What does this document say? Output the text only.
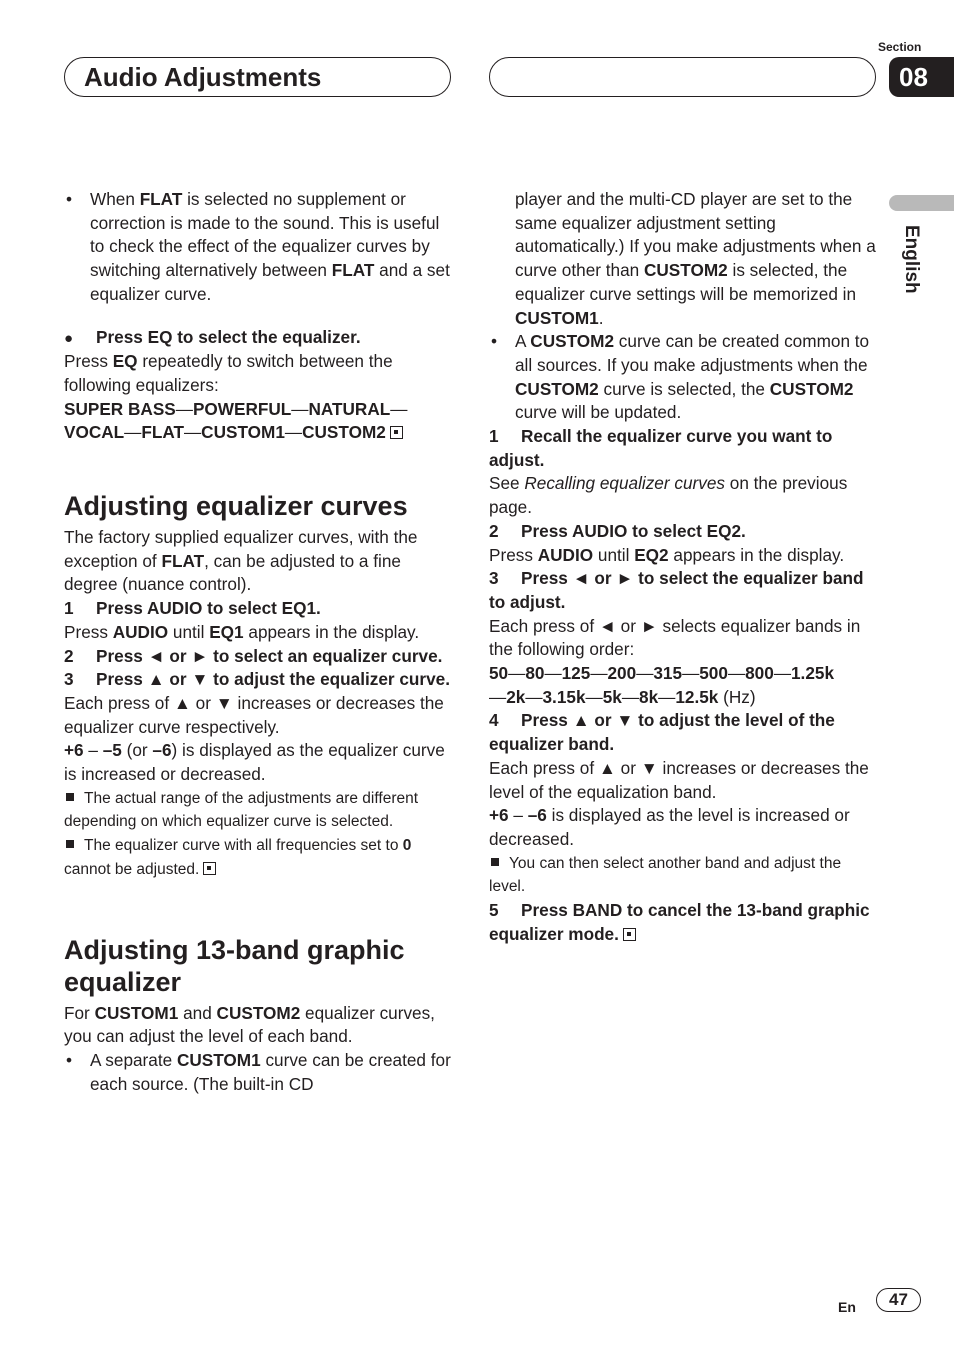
Audio Adjustments
Section
08
English

• When FLAT is selected no supplement or correction is made to the sound. This is useful to check the effect of the equalizer curves by switching alternatively between FLAT and a set equalizer curve.

● Press EQ to select the equalizer.

Press EQ repeatedly to switch between the following equalizers:

SUPER BASS—POWERFUL—NATURAL—
VOCAL—FLAT—CUSTOM1—CUSTOM2

Adjusting equalizer curves

The factory supplied equalizer curves, with the exception of FLAT, can be adjusted to a fine degree (nuance control).

1 Press AUDIO to select EQ1.

Press AUDIO until EQ1 appears in the display.

2 Press ◄ or ► to select an equalizer curve.

3 Press ▲ or ▼ to adjust the equalizer curve.

Each press of ▲ or ▼ increases or decreases the equalizer curve respectively.

+6 – –5 (or –6) is displayed as the equalizer curve is increased or decreased.

The actual range of the adjustments are different depending on which equalizer curve is selected.

The equalizer curve with all frequencies set to 0 cannot be adjusted.

Adjusting 13-band graphic equalizer

For CUSTOM1 and CUSTOM2 equalizer curves, you can adjust the level of each band.

• A separate CUSTOM1 curve can be created for each source. (The built-in CD

player and the multi-CD player are set to the same equalizer adjustment setting automatically.) If you make adjustments when a curve other than CUSTOM2 is selected, the equalizer curve settings will be memorized in CUSTOM1.

• A CUSTOM2 curve can be created common to all sources. If you make adjustments when the CUSTOM2 curve is selected, the CUSTOM2 curve will be updated.

1 Recall the equalizer curve you want to adjust.

See Recalling equalizer curves on the previous page.

2 Press AUDIO to select EQ2.

Press AUDIO until EQ2 appears in the display.

3 Press ◄ or ► to select the equalizer band to adjust.

Each press of ◄ or ► selects equalizer bands in the following order:

50—80—125—200—315—500—800—1.25k
—2k—3.15k—5k—8k—12.5k (Hz)

4 Press ▲ or ▼ to adjust the level of the equalizer band.

Each press of ▲ or ▼ increases or decreases the level of the equalization band.

+6 – –6 is displayed as the level is increased or decreased.

You can then select another band and adjust the level.

5 Press BAND to cancel the 13-band graphic equalizer mode.

En	47
